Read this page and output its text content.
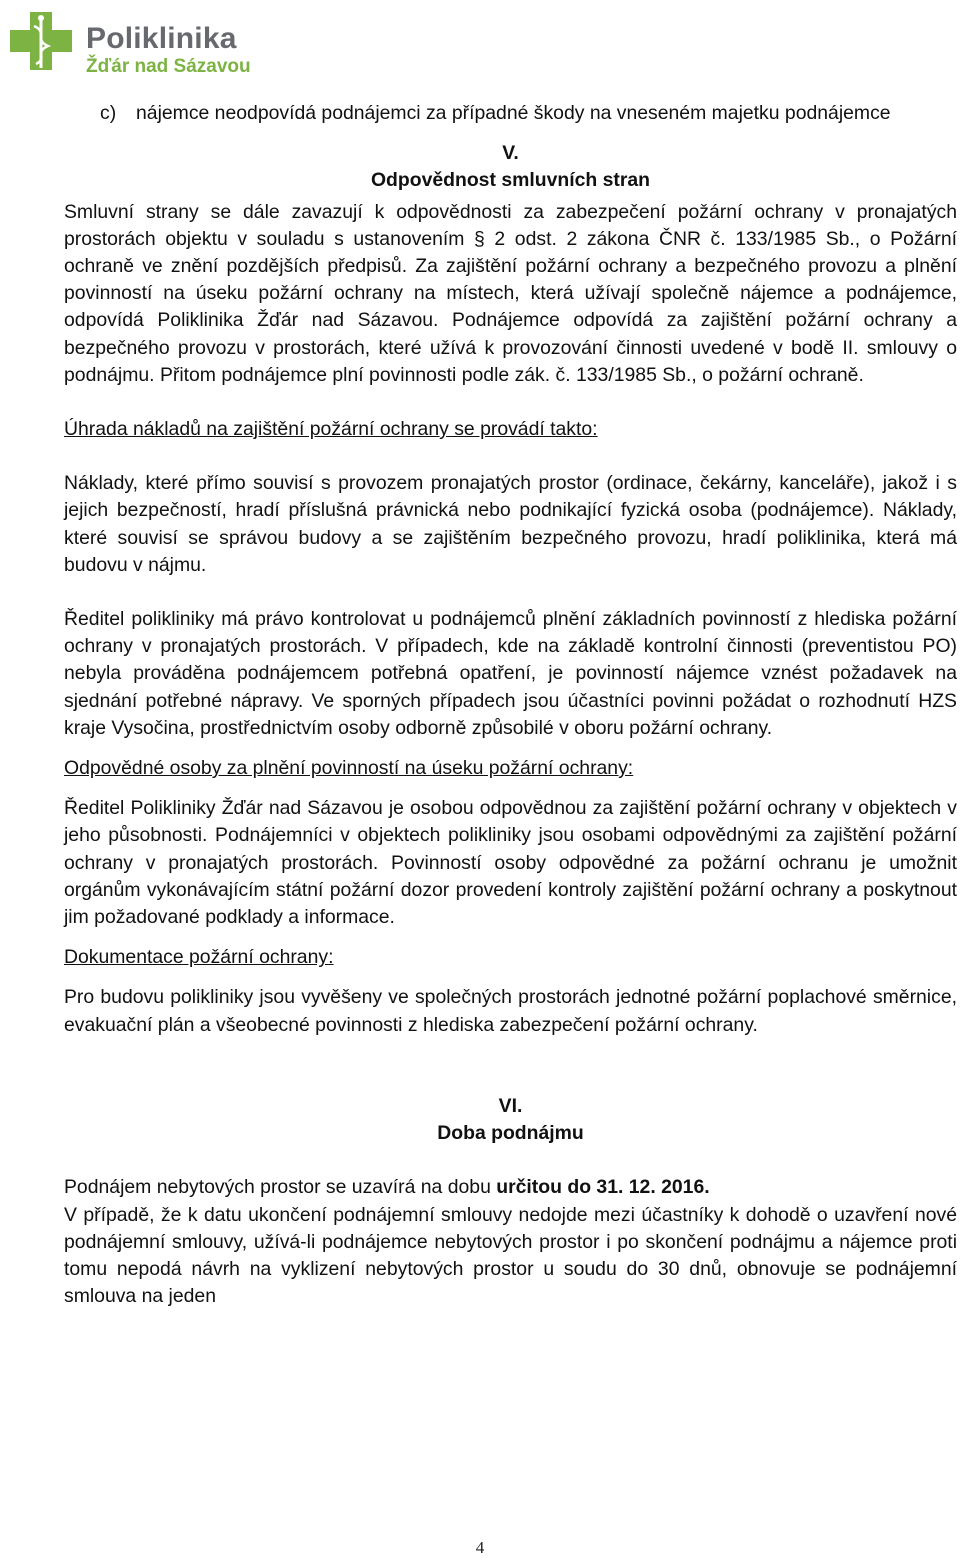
Poliklinika
Žďár nad Sázavou
c)	nájemce neodpovídá podnájemci za případné škody na vneseném majetku podnájemce

V.

Odpovědnost smluvních stran

Smluvní strany se dále zavazují k odpovědnosti za zabezpečení požární ochrany v pronajatých prostorách objektu v souladu s ustanovením § 2 odst. 2 zákona ČNR č. 133/1985 Sb., o Požární ochraně ve znění pozdějších předpisů. Za zajištění požární ochrany a bezpečného provozu a plnění povinností na úseku požární ochrany na místech, která užívají společně nájemce a podnájemce, odpovídá Poliklinika Žďár nad Sázavou. Podnájemce odpovídá za zajištění požární ochrany a bezpečného provozu v prostorách, které užívá k provozování činnosti uvedené v bodě II. smlouvy o podnájmu. Přitom podnájemce plní povinnosti podle zák. č. 133/1985 Sb., o požární ochraně.

Úhrada nákladů na zajištění požární ochrany se provádí takto:

Náklady, které přímo souvisí s provozem pronajatých prostor (ordinace, čekárny, kanceláře), jakož i s jejich bezpečností, hradí příslušná právnická nebo podnikající fyzická osoba (podnájemce). Náklady, které souvisí se správou budovy a se zajištěním bezpečného provozu, hradí poliklinika, která má budovu v nájmu.

Ředitel polikliniky má právo kontrolovat u podnájemců plnění základních povinností z hlediska požární ochrany v pronajatých prostorách. V případech, kde na základě kontrolní činnosti (preventistou PO) nebyla prováděna podnájemcem potřebná opatření, je povinností nájemce vznést požadavek na sjednání potřebné nápravy. Ve sporných případech jsou účastníci povinni požádat o rozhodnutí HZS kraje Vysočina, prostřednictvím osoby odborně způsobilé v oboru požární ochrany.

Odpovědné osoby za plnění povinností na úseku požární ochrany:

Ředitel Polikliniky Žďár nad Sázavou je osobou odpovědnou za zajištění požární ochrany v objektech v jeho působnosti. Podnájemníci v objektech polikliniky jsou osobami odpovědnými za zajištění požární ochrany v pronajatých prostorách. Povinností osoby odpovědné za požární ochranu je umožnit orgánům vykonávajícím státní požární dozor provedení kontroly zajištění požární ochrany a poskytnout jim požadované podklady a informace.

Dokumentace požární ochrany:

Pro budovu polikliniky jsou vyvěšeny ve společných prostorách jednotné požární poplachové směrnice, evakuační plán a všeobecné povinnosti z hlediska zabezpečení požární ochrany.

VI.

Doba podnájmu

Podnájem nebytových prostor se uzavírá na dobu určitou do 31. 12. 2016.

V případě, že k datu ukončení podnájemní smlouvy nedojde mezi účastníky k dohodě o uzavření nové podnájemní smlouvy, užívá-li podnájemce nebytových prostor i po skončení podnájmu a nájemce proti tomu nepodá návrh na vyklizení nebytových prostor u soudu do 30 dnů, obnovuje se podnájemní smlouva na jeden

4
